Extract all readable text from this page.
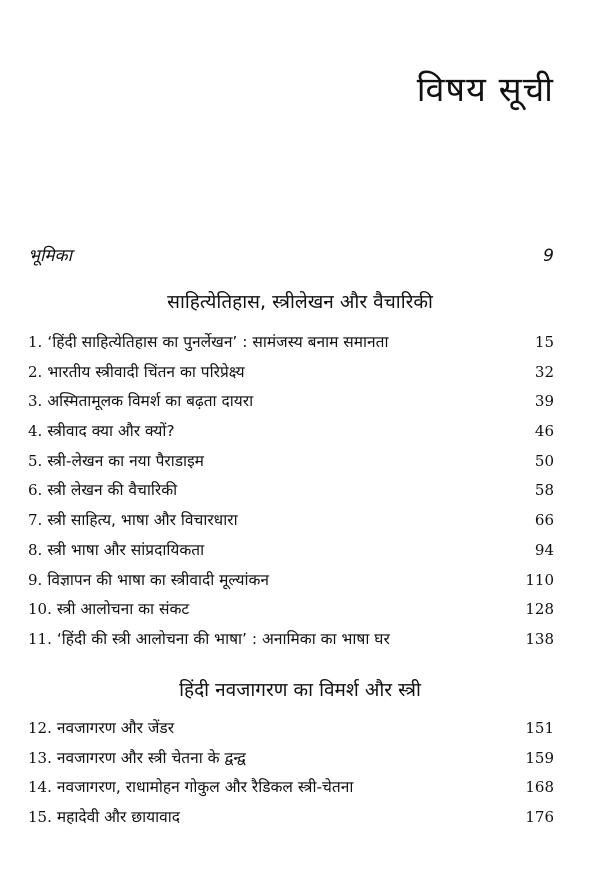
विषय सूची
भूमिका	9
साहित्येतिहास, स्त्रीलेखन और वैचारिकी
1. ‘हिंदी साहित्येतिहास का पुनर्लेखन’ : सामंजस्य बनाम समानता	15
2. भारतीय स्त्रीवादी चिंतन का परिप्रेक्ष्य	32
3. अस्मितामूलक विमर्श का बढ़ता दायरा	39
4. स्त्रीवाद क्या और क्यों?	46
5. स्त्री-लेखन का नया पैराडाइम	50
6. स्त्री लेखन की वैचारिकी	58
7. स्त्री साहित्य, भाषा और विचारधारा	66
8. स्त्री भाषा और सांप्रदायिकता	94
9. विज्ञापन की भाषा का स्त्रीवादी मूल्यांकन	110
10. स्त्री आलोचना का संकट	128
11. ‘हिंदी की स्त्री आलोचना की भाषा’ : अनामिका का भाषा घर	138
हिंदी नवजागरण का विमर्श और स्त्री
12. नवजागरण और जेंडर	151
13. नवजागरण और स्त्री चेतना के द्वन्द्व	159
14. नवजागरण, राधामोहन गोकुल और रैडिकल स्त्री-चेतना	168
15. महादेवी और छायावाद	176
